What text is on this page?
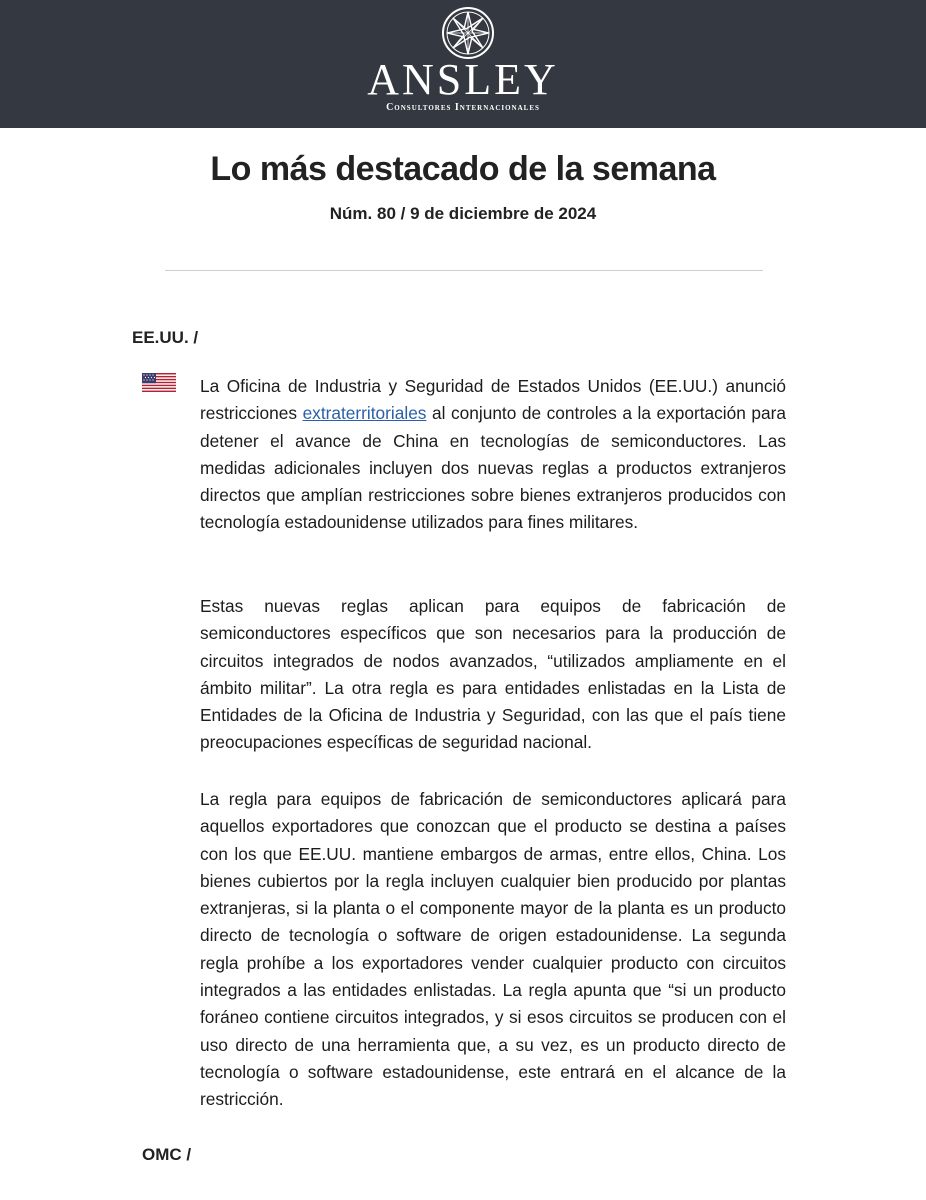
ANSLEY
Consultores Internacionales
Lo más destacado de la semana
Núm. 80 / 9 de diciembre de 2024
EE.UU. /

La Oficina de Industria y Seguridad de Estados Unidos (EE.UU.) anunció restricciones extraterritoriales al conjunto de controles a la exportación para detener el avance de China en tecnologías de semiconductores. Las medidas adicionales incluyen dos nuevas reglas a productos extranjeros directos que amplían restricciones sobre bienes extranjeros producidos con tecnología estadounidense utilizados para fines militares.

Estas nuevas reglas aplican para equipos de fabricación de semiconductores específicos que son necesarios para la producción de circuitos integrados de nodos avanzados, “utilizados ampliamente en el ámbito militar”. La otra regla es para entidades enlistadas en la Lista de Entidades de la Oficina de Industria y Seguridad, con las que el país tiene preocupaciones específicas de seguridad nacional.

La regla para equipos de fabricación de semiconductores aplicará para aquellos exportadores que conozcan que el producto se destina a países con los que EE.UU. mantiene embargos de armas, entre ellos, China. Los bienes cubiertos por la regla incluyen cualquier bien producido por plantas extranjeras, si la planta o el componente mayor de la planta es un producto directo de tecnología o software de origen estadounidense. La segunda regla prohíbe a los exportadores vender cualquier producto con circuitos integrados a las entidades enlistadas. La regla apunta que “si un producto foráneo contiene circuitos integrados, y si esos circuitos se producen con el uso directo de una herramienta que, a su vez, es un producto directo de tecnología o software estadounidense, este entrará en el alcance de la restricción.

OMC /
